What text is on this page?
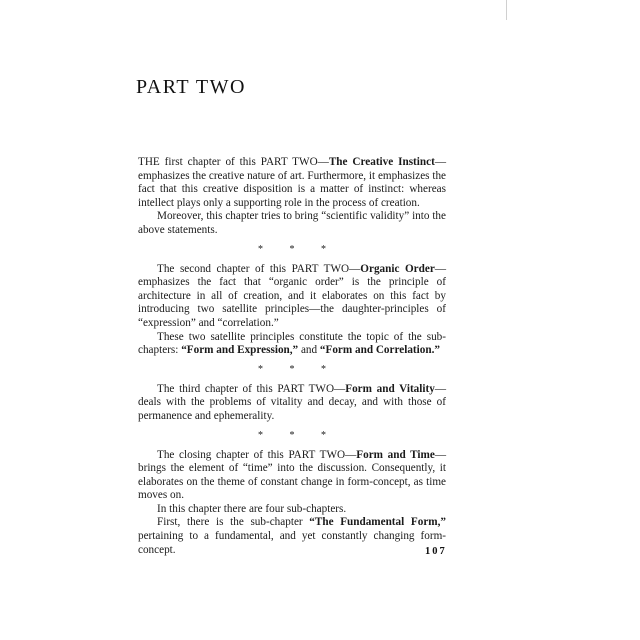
PART TWO

THE first chapter of this PART TWO—The Creative Instinct—emphasizes the creative nature of art. Furthermore, it emphasizes the fact that this creative disposition is a matter of instinct: whereas intellect plays only a supporting role in the process of creation.

Moreover, this chapter tries to bring “scientific validity” into the above statements.

* * *

The second chapter of this PART TWO—Organic Order—emphasizes the fact that “organic order” is the principle of architecture in all of creation, and it elaborates on this fact by introducing two satellite principles—the daughter-principles of “expression” and “correlation.”

These two satellite principles constitute the topic of the sub-chapters: “Form and Expression,” and “Form and Correlation.”

* * *

The third chapter of this PART TWO—Form and Vitality—deals with the problems of vitality and decay, and with those of permanence and ephemerality.

* * *

The closing chapter of this PART TWO—Form and Time—brings the element of “time” into the discussion. Consequently, it elaborates on the theme of constant change in form-concept, as time moves on.

In this chapter there are four sub-chapters.

First, there is the sub-chapter “The Fundamental Form,” pertaining to a fundamental, and yet constantly changing form-concept.	107
